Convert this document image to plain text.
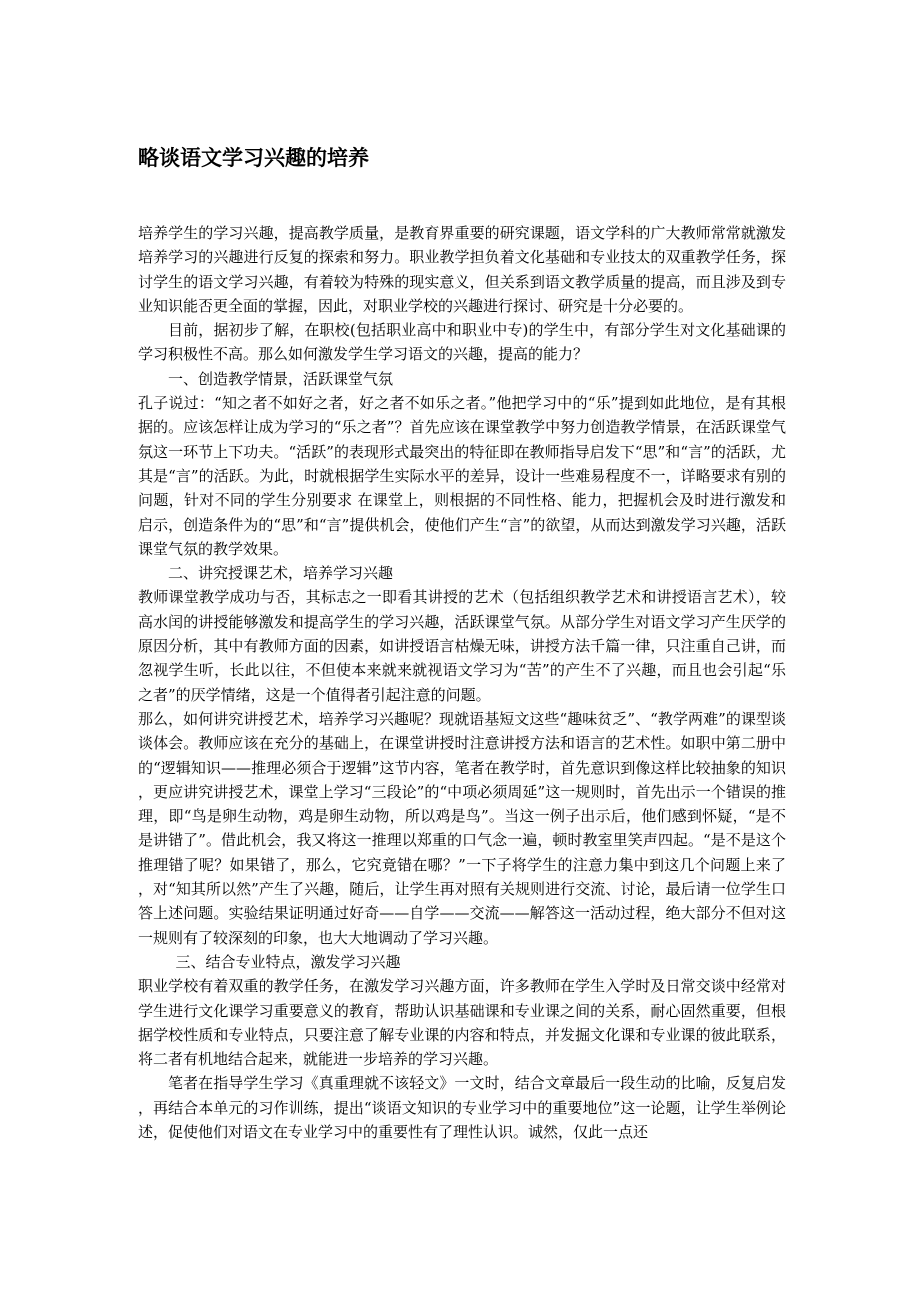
略谈语文学习兴趣的培养

培养学生的学习兴趣，提高教学质量，是教育界重要的研究课题，语文学科的广大教师常常就激发培养学习的兴趣进行反复的探索和努力。职业教学担负着文化基础和专业技太的双重教学任务，探讨学生的语文学习兴趣，有着较为特殊的现实意义，但关系到语文教学质量的提高，而且涉及到专业知识能否更全面的掌握，因此，对职业学校的兴趣进行探讨、研究是十分必要的。

目前，据初步了解，在职校(包括职业高中和职业中专)的学生中，有部分学生对文化基础课的学习积极性不高。那么如何激发学生学习语文的兴趣，提高的能力？

一、创造教学情景，活跃课堂气氛

孔子说过：“知之者不如好之者，好之者不如乐之者。”他把学习中的“乐”提到如此地位，是有其根据的。应该怎样让成为学习的“乐之者”？首先应该在课堂教学中努力创造教学情景，在活跃课堂气氛这一环节上下功夫。“活跃”的表现形式最突出的特征即在教师指导启发下“思”和“言”的活跃，尤其是“言”的活跃。为此，时就根据学生实际水平的差异，设计一些难易程度不一，详略要求有别的问题，针对不同的学生分别要求 在课堂上，则根据的不同性格、能力，把握机会及时进行激发和启示，创造条件为的“思”和“言”提供机会，使他们产生“言”的欲望，从而达到激发学习兴趣，活跃课堂气氛的教学效果。

二、讲究授课艺术，培养学习兴趣

教师课堂教学成功与否，其标志之一即看其讲授的艺术（包括组织教学艺术和讲授语言艺术），较高水闰的讲授能够激发和提高学生的学习兴趣，活跃课堂气氛。从部分学生对语文学习产生厌学的原因分析，其中有教师方面的因素，如讲授语言枯燥无味，讲授方法千篇一律，只注重自己讲，而忽视学生听，长此以往，不但使本来就来就视语文学习为“苦”的产生不了兴趣，而且也会引起“乐之者”的厌学情绪，这是一个值得者引起注意的问题。

那么，如何讲究讲授艺术，培养学习兴趣呢？现就语基短文这些“趣味贫乏”、“教学两难”的课型谈谈体会。教师应该在充分的基础上，在课堂讲授时注意讲授方法和语言的艺术性。如职中第二册中的“逻辑知识——推理必须合于逻辑”这节内容，笔者在教学时，首先意识到像这样比较抽象的知识，更应讲究讲授艺术，课堂上学习“三段论”的“中项必须周延”这一规则时，首先出示一个错误的推理，即“鸟是卵生动物，鸡是卵生动物，所以鸡是鸟”。当这一例子出示后，他们感到怀疑，“是不是讲错了”。借此机会，我又将这一推理以郑重的口气念一遍，顿时教室里笑声四起。“是不是这个推理错了呢？如果错了，那么，它究竟错在哪？”一下子将学生的注意力集中到这几个问题上来了，对“知其所以然”产生了兴趣，随后，让学生再对照有关规则进行交流、讨论，最后请一位学生口答上述问题。实验结果证明通过好奇——自学——交流——解答这一活动过程，绝大部分不但对这一规则有了较深刻的印象，也大大地调动了学习兴趣。

三、结合专业特点，激发学习兴趣

职业学校有着双重的教学任务，在激发学习兴趣方面，许多教师在学生入学时及日常交谈中经常对学生进行文化课学习重要意义的教育，帮助认识基础课和专业课之间的关系，耐心固然重要，但根据学校性质和专业特点，只要注意了解专业课的内容和特点，并发掘文化课和专业课的彼此联系，将二者有机地结合起来，就能进一步培养的学习兴趣。

笔者在指导学生学习《真重理就不该轻文》一文时，结合文章最后一段生动的比喻，反复启发，再结合本单元的习作训练，提出“谈语文知识的专业学习中的重要地位”这一论题，让学生举例论述，促使他们对语文在专业学习中的重要性有了理性认识。诚然，仅此一点还
